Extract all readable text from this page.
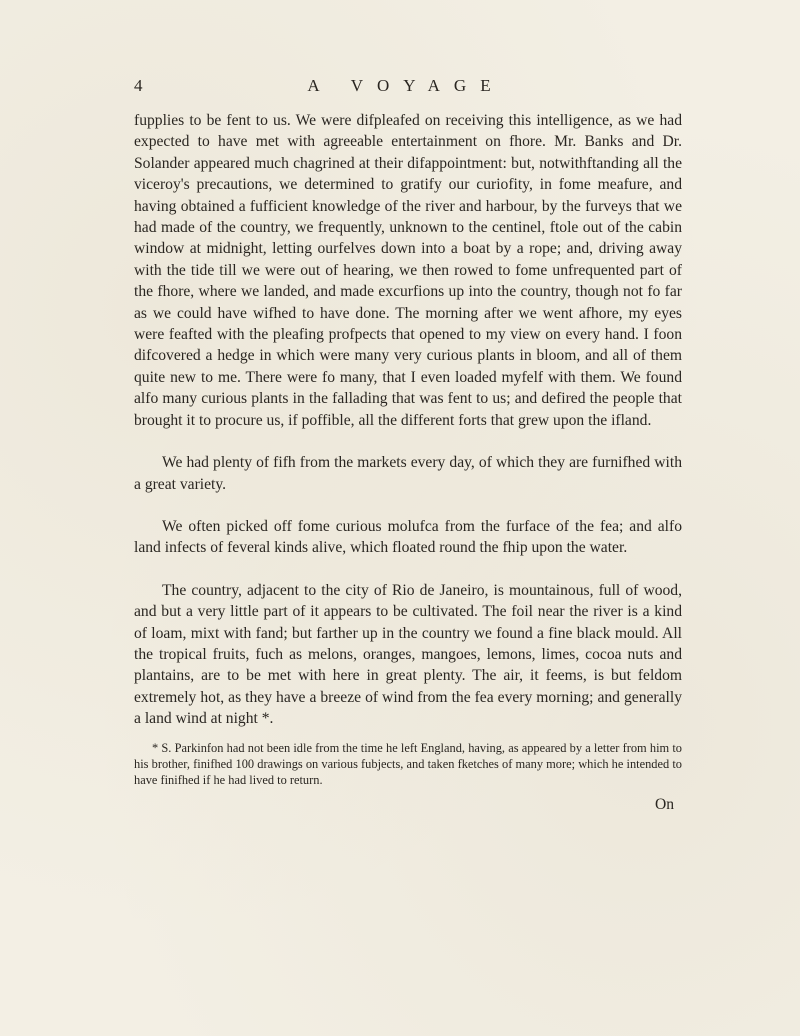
4	A VOYAGE

fupplies to be fent to us. We were difpleafed on receiving this intelligence, as we had expected to have met with agreeable entertainment on fhore. Mr. Banks and Dr. Solander appeared much chagrined at their difappointment: but, notwithftanding all the viceroy's precautions, we determined to gratify our curiofity, in fome meafure, and having obtained a fufficient knowledge of the river and harbour, by the furveys that we had made of the country, we frequently, unknown to the centinel, ftole out of the cabin window at midnight, letting ourfelves down into a boat by a rope; and, driving away with the tide till we were out of hearing, we then rowed to fome unfrequented part of the fhore, where we landed, and made excurfions up into the country, though not fo far as we could have wifhed to have done. The morning after we went afhore, my eyes were feafted with the pleafing profpects that opened to my view on every hand. I foon difcovered a hedge in which were many very curious plants in bloom, and all of them quite new to me. There were fo many, that I even loaded myfelf with them. We found alfo many curious plants in the fallading that was fent to us; and defired the people that brought it to procure us, if poffible, all the different forts that grew upon the ifland.

We had plenty of fifh from the markets every day, of which they are furnifhed with a great variety.

We often picked off fome curious molufca from the furface of the fea; and alfo land infects of feveral kinds alive, which floated round the fhip upon the water.

The country, adjacent to the city of Rio de Janeiro, is mountainous, full of wood, and but a very little part of it appears to be cultivated. The foil near the river is a kind of loam, mixt with fand; but farther up in the country we found a fine black mould. All the tropical fruits, fuch as melons, oranges, mangoes, lemons, limes, cocoa nuts and plantains, are to be met with here in great plenty. The air, it feems, is but feldom extremely hot, as they have a breeze of wind from the fea every morning; and generally a land wind at night *.

* S. Parkinfon had not been idle from the time he left England, having, as appeared by a letter from him to his brother, finifhed 100 drawings on various fubjects, and taken fketches of many more; which he intended to have finifhed if he had lived to return.

On
